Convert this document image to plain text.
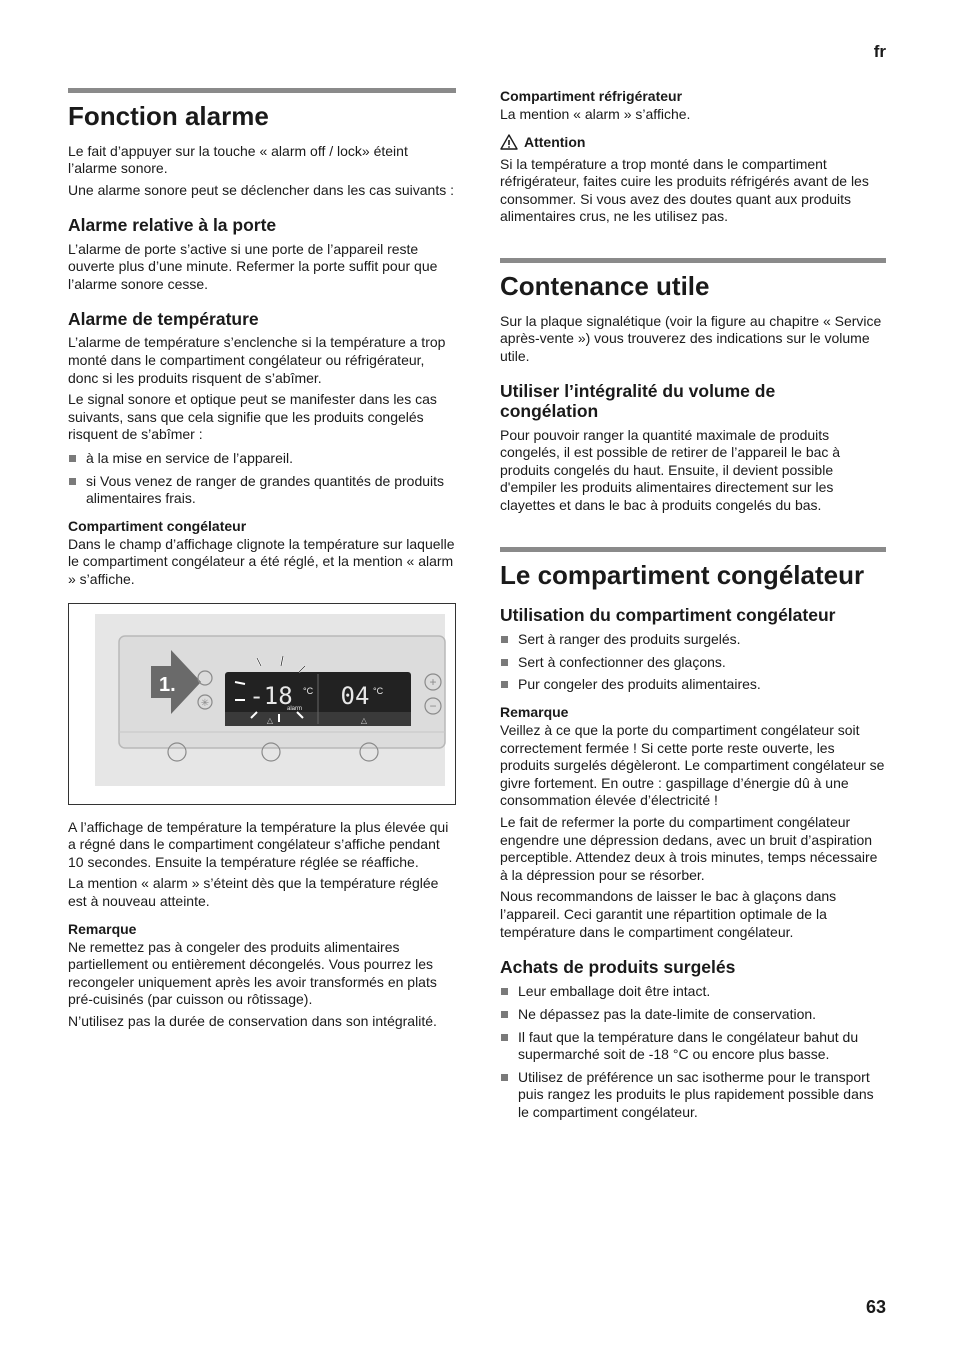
fr
Fonction alarme

Le fait d’appuyer sur la touche « alarm off / lock» éteint l’alarme sonore.

Une alarme sonore peut se déclencher dans les cas suivants :

Alarme relative à la porte

L’alarme de porte s’active si une porte de l’appareil reste ouverte plus d’une minute. Refermer la porte suffit pour que l’alarme sonore cesse.

Alarme de température

L’alarme de température s’enclenche si la température a trop monté dans le compartiment congélateur ou réfrigérateur, donc si les produits risquent de s’abîmer.

Le signal sonore et optique peut se manifester dans les cas suivants, sans que cela signifie que les produits congelés risquent de s’abîmer :

à la mise en service de l’appareil.
si Vous venez de ranger de grandes quantités de produits alimentaires frais.
Compartiment congélateur

Dans le champ d’affichage clignote la température sur laquelle le compartiment congélateur a été réglé, et la mention « alarm » s’affiche.

1.
✳ -18 °C
alarm 04 °C
△	△
+
−

A l’affichage de température la température la plus élevée qui a régné dans le compartiment congélateur s’affiche pendant 10 secondes. Ensuite la température réglée se réaffiche.

La mention « alarm » s’éteint dès que la température réglée est à nouveau atteinte.

Remarque

Ne remettez pas à congeler des produits alimentaires partiellement ou entièrement décongelés. Vous pourrez les recongeler uniquement après les avoir transformés en plats pré-cuisinés (par cuisson ou rôtissage).

N’utilisez pas la durée de conservation dans son intégralité.

Compartiment réfrigérateur

La mention « alarm » s’affiche.

Attention

Si la température a trop monté dans le compartiment réfrigérateur, faites cuire les produits réfrigérés avant de les consommer. Si vous avez des doutes quant aux produits alimentaires crus, ne les utilisez pas.

Contenance utile

Sur la plaque signalétique (voir la figure au chapitre « Service après-vente ») vous trouverez des indications sur le volume utile.

Utiliser l’intégralité du volume de congélation

Pour pouvoir ranger la quantité maximale de produits congelés, il est possible de retirer de l’appareil le bac à produits congelés du haut. Ensuite, il devient possible d'empiler les produits alimentaires directement sur les clayettes et dans le bac à produits congelés du bas.

Le compartiment congélateur
Utilisation du compartiment congélateur
Sert à ranger des produits surgelés.
Sert à confectionner des glaçons.
Pur congeler des produits alimentaires.
Remarque

Veillez à ce que la porte du compartiment congélateur soit correctement fermée ! Si cette porte reste ouverte, les produits surgelés dégèleront. Le compartiment congélateur se givre fortement. En outre : gaspillage d’énergie dû à une consommation élevée d’électricité !

Le fait de refermer la porte du compartiment congélateur engendre une dépression dedans, avec un bruit d’aspiration perceptible. Attendez deux à trois minutes, temps nécessaire à la dépression pour se résorber.

Nous recommandons de laisser le bac à glaçons dans l’appareil. Ceci garantit une répartition optimale de la température dans le compartiment congélateur.

Achats de produits surgelés
Leur emballage doit être intact.
Ne dépassez pas la date-limite de conservation.
Il faut que la température dans le congélateur bahut du supermarché soit de -18 °C ou encore plus basse.
Utilisez de préférence un sac isotherme pour le transport puis rangez les produits le plus rapidement possible dans le compartiment congélateur.
63
